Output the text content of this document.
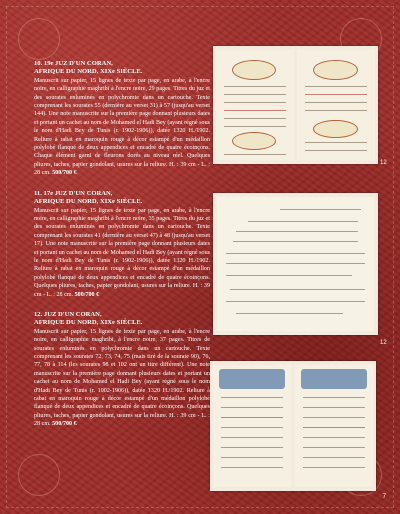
10. 19e JUZ D'UN CORAN,
AFRIQUE DU NORD, XIXe SIÈCLE.
Manuscrit sur papier, 15 lignes de texte par page, en arabe, à l'encre noire, en calligraphie maghribi à l'encre noire, 29 pages. Titres du juz et des sourates enluminés en polychromie dans un cartouche. Texte comprenant les sourates 55 (dernière au verset 31) à 57 (jusqu'au verset 144). Une note manuscrite sur la première page donnant plusieurs dates et portant un cachet au nom de Mohamed el Hadi Bey (ayant régné sous le nom d'Hadi Bey de Tunis (r. 1902-1906)), datée 1320 H./1902. Reliure à rabat en maroquin rouge à décor estampé d'un médaillon polylobé flanqué de deux appendices et encadré de quatre écoinçons. Chaque élément garni de fleurons dorés au niveau réel. Quelques pliures, taches, papier gondolant, usures sur la reliure. H. : 39 cm - L. : 28 cm. 500/700 €
11. 17e JUZ D'UN CORAN,
AFRIQUE DU NORD, XIXe SIÈCLE.
Manuscrit sur papier, 15 lignes de texte par page, en arabe, à l'encre noire, en calligraphie maghribi à l'encre noire, 35 pages. Titres du juz et des sourates enluminés en polychromie dans un cartouche. Texte comprenant les sourates 41 (dernière au verset 47) à 48 (jusqu'au verset 17). Une note manuscrite sur la première page donnant plusieurs dates et portant un cachet au nom de Mohamed el Hadi Bey (ayant régné sous le nom d'Hadi Bey de Tunis (r. 1902-1906)), datée 1320 H./1902. Reliure à rabat en maroquin rouge à décor estampé d'un médaillon polylobé flanqué de deux appendices et encadré de quatre écoinçons. Quelques pliures, taches, papier gondolant, usures sur la reliure. H. : 39 cm - L. : 28 cm. 500/700 €
12. JUZ D'UN CORAN,
AFRIQUE DU NORD, XIXe SIÈCLE.
Manuscrit sur papier, 15 lignes de texte par page, en arabe, à l'encre noire, en calligraphie maghribi, à l'encre noire, 37 pages. Titres de sourates enluminés en polychromie dans un cartouche. Texte comprenant les sourates 72, 73, 74, 75 (mais tiré de la sourate 90), 76, 77, 78 à 114 (les sourates 98 et 102 ont un titre différent). Une note manuscrite sur la première page donnant plusieurs dates et portant un cachet au nom de Mohamed el Hadi Bey (ayant régné sous le nom d'Hadi Bey de Tunis (r. 1902-1906)), datée 1320 H./1902. Reliure à rabat en maroquin rouge à décor estampé d'un médaillon polylobé flanqué de deux appendices et encadré de quatre écoinçons. Quelques pliures, taches, papier gondolant, usures sur la reliure. H. : 39 cm - L. : 28 cm. 500/700 €
12
12
7
